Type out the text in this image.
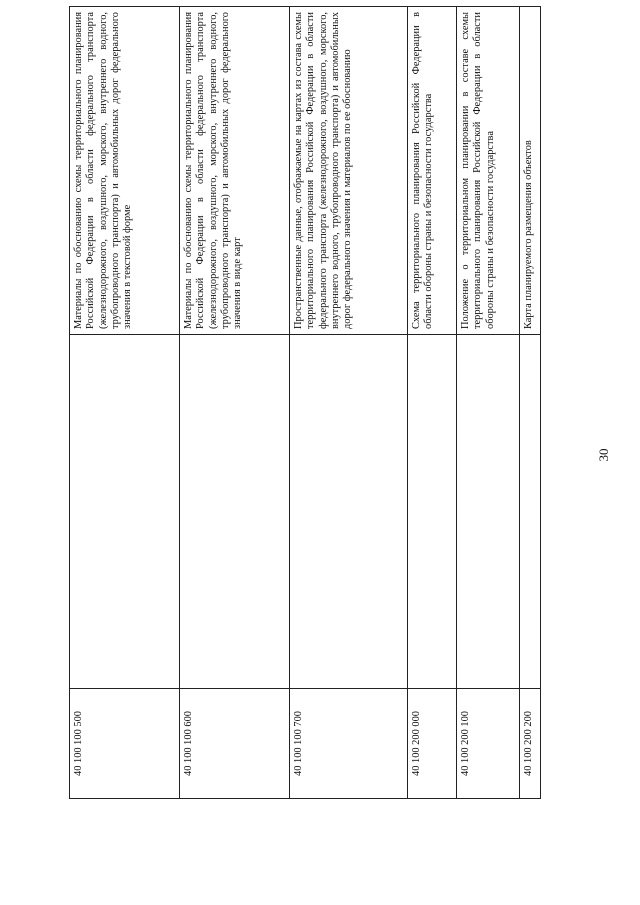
30
40 100 100 500		Материалы по обоснованию схемы территориального планирования Российской Федерации в области федерального транспорта (железнодорожного, воздушного, морского, внутреннего водного, трубопроводного транспорта) и автомобильных дорог федерального значения в текстовой форме
40 100 100 600		Материалы по обоснованию схемы территориального планирования Российской Федерации в области федерального транспорта (железнодорожного, воздушного, морского, внутреннего водного, трубопроводного транспорта) и автомобильных дорог федерального значения в виде карт
40 100 100 700		Пространственные данные, отображаемые на картах из состава схемы территориального планирования Российской Федерации в области федерального транспорта (железнодорожного, воздушного, морского, внутреннего водного, трубопроводного транспорта) и автомобильных дорог федерального значения и материалов по ее обоснованию
40 100 200 000		Схема территориального планирования Российской Федерации в области обороны страны и безопасности государства
40 100 200 100		Положение о территориальном планировании в составе схемы территориального планирования Российской Федерации в области обороны страны и безопасности государства
40 100 200 200		Карта планируемого размещения объектов
